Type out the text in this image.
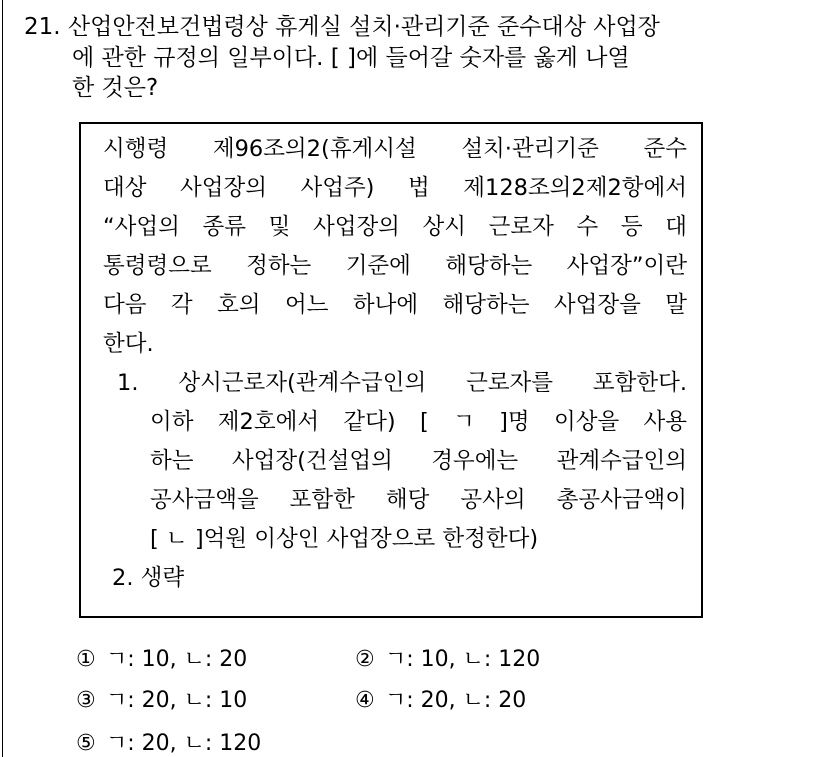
21. 산업안전보건법령상 휴게실 설치·관리기준 준수대상 사업장
에 관한 규정의 일부이다. [ ]에 들어갈 숫자를 옳게 나열
한 것은?
시행령 제96조의2(휴게시설 설치·관리기준 준수
대상 사업장의 사업주) 법 제128조의2제2항에서
“사업의 종류 및 사업장의 상시 근로자 수 등 대
통령령으로 정하는 기준에 해당하는 사업장”이란
다음 각 호의 어느 하나에 해당하는 사업장을 말
한다.
1. 상시근로자(관계수급인의 근로자를 포함한다.
이하 제2호에서 같다) [ ㄱ ]명 이상을 사용
하는 사업장(건설업의 경우에는 관계수급인의
공사금액을 포함한 해당 공사의 총공사금액이
[ ㄴ ]억원 이상인 사업장으로 한정한다)
2. 생략
① ㄱ: 10, ㄴ: 20	② ㄱ: 10, ㄴ: 120
③ ㄱ: 20, ㄴ: 10	④ ㄱ: 20, ㄴ: 20
⑤ ㄱ: 20, ㄴ: 120
